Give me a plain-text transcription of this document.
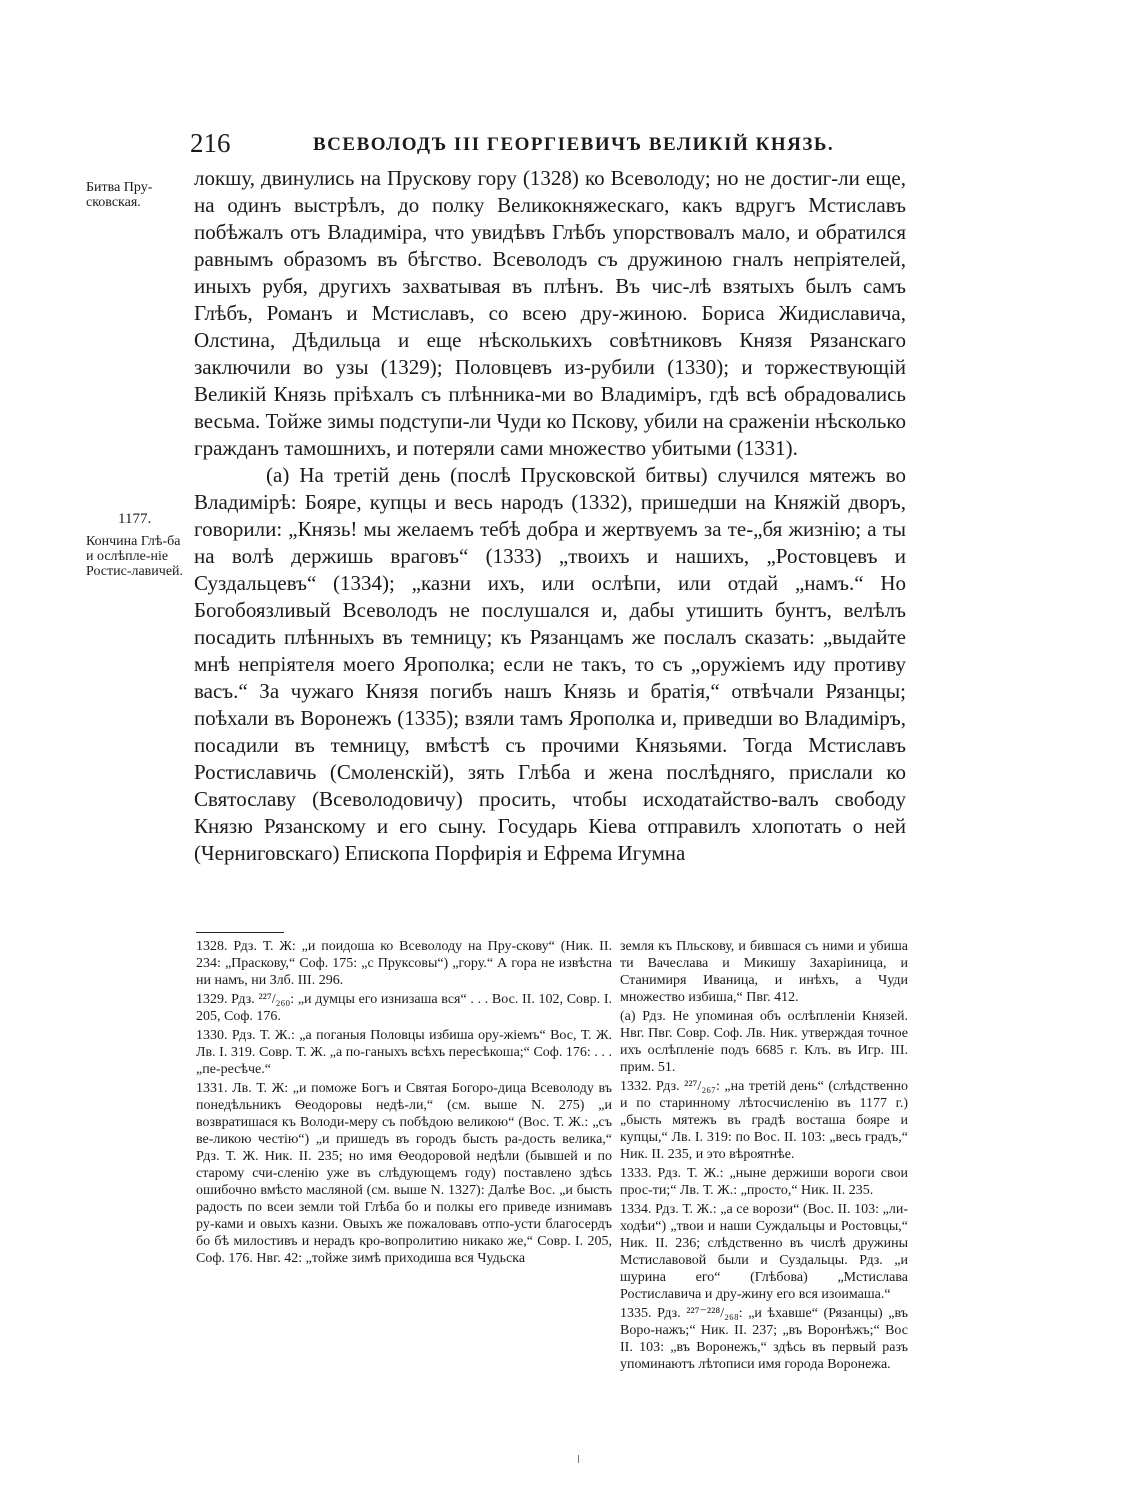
216	ВСЕВОЛОДЪ III ГЕОРГІЕВИЧЪ ВЕЛИКІЙ КНЯЗЬ.
Битва Пру-сковская.
1177.
Кончина Глѣ-ба и ослѣпле-ніе Ростис-лавичей.

локшу, двинулись на Прускову гору (1328) ко Всеволоду; но не достиг-ли еще, на одинъ выстрѣлъ, до полку Великокняжескаго, какъ вдругъ Мстиславъ побѣжалъ отъ Владиміра, что увидѣвъ Глѣбъ упорствовалъ мало, и обратился равнымъ образомъ въ бѣгство. Всеволодъ съ дружиною гналъ непріятелей, иныхъ рубя, другихъ захватывая въ плѣнъ. Въ чис-лѣ взятыхъ былъ самъ Глѣбъ, Романъ и Мстиславъ, со всею дру-жиною. Бориса Жидиславича, Олстина, Дѣдильца и еще нѣсколькихъ совѣтниковъ Князя Рязанскаго заключили во узы (1329); Половцевъ из-рубили (1330); и торжествующій Великій Князь пріѣхалъ съ плѣнника-ми во Владиміръ, гдѣ всѣ обрадовались весьма. Тойже зимы подступи-ли Чуди ко Пскову, убили на сраженіи нѣсколько гражданъ тамошнихъ, и потеряли сами множество убитыми (1331).

(а) На третій день (послѣ Прусковской битвы) случился мятежъ во Владимірѣ: Бояре, купцы и весь народъ (1332), пришедши на Княжій дворъ, говорили: „Князь! мы желаемъ тебѣ добра и жертвуемъ за те-„бя жизнію; а ты на волѣ держишь враговъ“ (1333) „твоихъ и нашихъ, „Ростовцевъ и Суздальцевъ“ (1334); „казни ихъ, или ослѣпи, или отдай „намъ.“ Но Богобоязливый Всеволодъ не послушался и, дабы утишить бунтъ, велѣлъ посадить плѣнныхъ въ темницу; къ Рязанцамъ же послалъ сказать: „выдайте мнѣ непріятеля моего Ярополка; если не такъ, то съ „оружіемъ иду противу васъ.“ За чужаго Князя погибъ нашъ Князь и братія,“ отвѣчали Рязанцы; поѣхали въ Воронежъ (1335); взяли тамъ Ярополка и, приведши во Владиміръ, посадили въ темницу, вмѣстѣ съ прочими Князьями. Тогда Мстиславъ Ростиславичь (Смоленскій), зять Глѣба и жена послѣдняго, прислали ко Святославу (Всеволодовичу) просить, чтобы исходатайство-валъ свободу Князю Рязанскому и его сыну. Государь Кіева отправилъ хлопотать о ней (Черниговскаго) Епископа Порфирія и Ефрема Игумна

1328. Рдз. Т. Ж: „и поидоша ко Всеволоду на Пру-скову“ (Ник. II. 234: „Праскову,“ Соф. 175: „с Пруксовы“) „гору.“ А гора не извѣстна ни намъ, ни Злб. III. 296.

1329. Рдз. ²²⁷/₂₆₀: „и думцы его изнизаша вся“ . . . Вос. II. 102, Совр. I. 205, Соф. 176.

1330. Рдз. Т. Ж.: „а поганыя Половцы избиша ору-жіемъ“ Вос, Т. Ж. Лв. I. 319. Совр. Т. Ж. „а по-ганыхъ всѣхъ пересѣкоша;“ Соф. 176: . . . „пе-ресѣче.“

1331. Лв. Т. Ж: „и поможе Богъ и Святая Богоро-дица Всеволоду въ понедѣльникъ Ѳеодоровы недѣ-ли,“ (см. выше N. 275) „и возвратишася къ Володи-меру съ побѣдою великою“ (Вос. Т. Ж.: „съ ве-ликою честію“) „и пришедъ въ городъ бысть ра-дость велика,“ Рдз. Т. Ж. Ник. II. 235; но имя Ѳеодоровой недѣли (бывшей и по старому счи-сленію уже въ слѣдующемъ году) поставлено здѣсь ошибочно вмѣсто масляной (см. выше N. 1327): Далѣе Вос. „и бысть радость по всеи земли той Глѣба бо и полкы его приведе изнимавъ ру-ками и овыхъ казни. Овыхъ же пожаловавъ отпо-усти благосердъ бо бѣ милостивъ и нерадъ кро-вопролитию никако же,“ Совр. I. 205, Соф. 176. Нвг. 42: „тойже зимѣ приходиша вся Чудьска

земля къ Пльскову, и бившася съ ними и убиша ти Вачеслава и Микишу Захаріиница, и Станимиря Иваница, и инѣхъ, а Чуди множество избиша,“ Пвг. 412.

(а) Рдз. Не упоминая объ ослѣпленіи Князей. Нвг. Пвг. Совр. Соф. Лв. Ник. утверждая точное ихъ ослѣпленіе подъ 6685 г. Клъ. въ Игр. III. прим. 51.

1332. Рдз. ²²⁷/₂₆₇: „на третій день“ (слѣдственно и по старинному лѣтосчисленію въ 1177 г.) „бысть мятежъ въ градѣ восташа бояре и купцы,“ Лв. I. 319: по Вос. II. 103: „весь градъ,“ Ник. II. 235, и это вѣроятнѣе.

1333. Рдз. Т. Ж.: „ныне держиши вороги свои прос-ти;“ Лв. Т. Ж.: „просто,“ Ник. II. 235.

1334. Рдз. Т. Ж.: „а се ворози“ (Вос. II. 103: „ли-ходѣи“) „твои и наши Суждальцы и Ростовцы,“ Ник. II. 236; слѣдственно въ числѣ дружины Мстиславовой были и Суздальцы. Рдз. „и шурина его“ (Глѣбова) „Мстислава Ростиславича и дру-жину его вся изоимаша.“

1335. Рдз. ²²⁷⁻²²⁸/₂₆₈: „и ѣхавше“ (Рязанцы) „въ Воро-нажъ;“ Ник. II. 237; „въ Воронѣжъ;“ Вос II. 103: „въ Воронежъ,“ здѣсь въ первый разъ упоминаютъ лѣтописи имя города Воронежа.
